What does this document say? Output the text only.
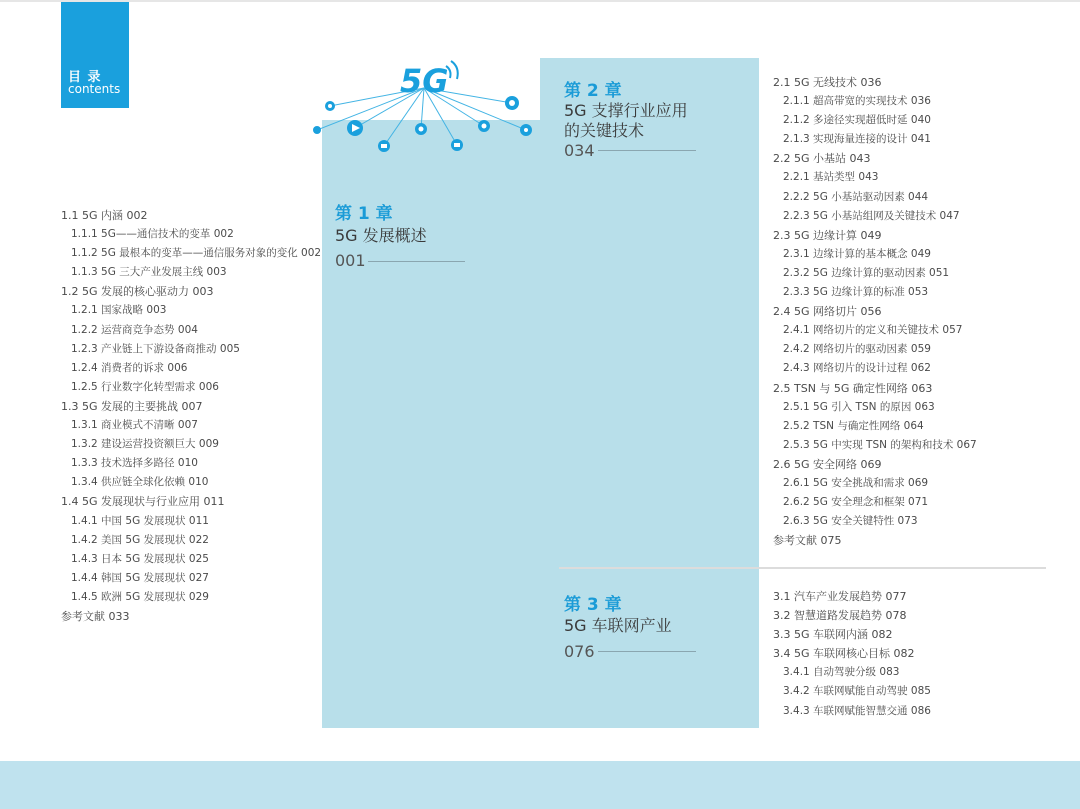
目 录
contents	5G
第 1 章
5G 发展概述
001
第 2 章
5G 支撑行业应用
的关键技术
034
第 3 章
5G 车联网产业
076
1.1 5G 内涵 002
1.1.1 5G——通信技术的变革 002
1.1.2 5G 最根本的变革——通信服务对象的变化 002
1.1.3 5G 三大产业发展主线 003
1.2 5G 发展的核心驱动力 003
1.2.1 国家战略 003
1.2.2 运营商竞争态势 004
1.2.3 产业链上下游设备商推动 005
1.2.4 消费者的诉求 006
1.2.5 行业数字化转型需求 006
1.3 5G 发展的主要挑战 007
1.3.1 商业模式不清晰 007
1.3.2 建设运营投资额巨大 009
1.3.3 技术选择多路径 010
1.3.4 供应链全球化依赖 010
1.4 5G 发展现状与行业应用 011
1.4.1 中国 5G 发展现状 011
1.4.2 美国 5G 发展现状 022
1.4.3 日本 5G 发展现状 025
1.4.4 韩国 5G 发展现状 027
1.4.5 欧洲 5G 发展现状 029
参考文献 033
2.1 5G 无线技术 036
2.1.1 超高带宽的实现技术 036
2.1.2 多途径实现超低时延 040
2.1.3 实现海量连接的设计 041
2.2 5G 小基站 043
2.2.1 基站类型 043
2.2.2 5G 小基站驱动因素 044
2.2.3 5G 小基站组网及关键技术 047
2.3 5G 边缘计算 049
2.3.1 边缘计算的基本概念 049
2.3.2 5G 边缘计算的驱动因素 051
2.3.3 5G 边缘计算的标准 053
2.4 5G 网络切片 056
2.4.1 网络切片的定义和关键技术 057
2.4.2 网络切片的驱动因素 059
2.4.3 网络切片的设计过程 062
2.5 TSN 与 5G 确定性网络 063
2.5.1 5G 引入 TSN 的原因 063
2.5.2 TSN 与确定性网络 064
2.5.3 5G 中实现 TSN 的架构和技术 067
2.6 5G 安全网络 069
2.6.1 5G 安全挑战和需求 069
2.6.2 5G 安全理念和框架 071
2.6.3 5G 安全关键特性 073
参考文献 075
3.1 汽车产业发展趋势 077
3.2 智慧道路发展趋势 078
3.3 5G 车联网内涵 082
3.4 5G 车联网核心目标 082
3.4.1 自动驾驶分级 083
3.4.2 车联网赋能自动驾驶 085
3.4.3 车联网赋能智慧交通 086
